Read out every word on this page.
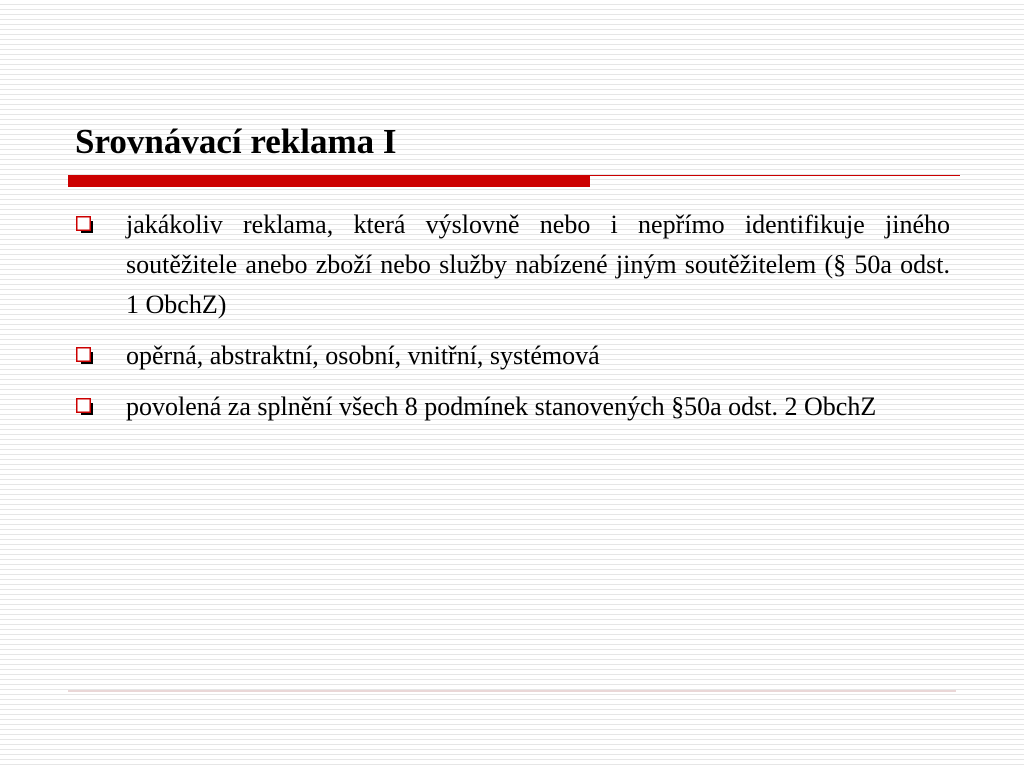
Srovnávací reklama I
jakákoliv reklama, která výslovně nebo i nepřímo identifikuje jiného soutěžitele anebo zboží nebo služby nabízené jiným soutěžitelem (§ 50a odst. 1 ObchZ)
opěrná, abstraktní, osobní, vnitřní, systémová
povolená za splnění všech 8 podmínek stanovených §50a odst. 2 ObchZ
